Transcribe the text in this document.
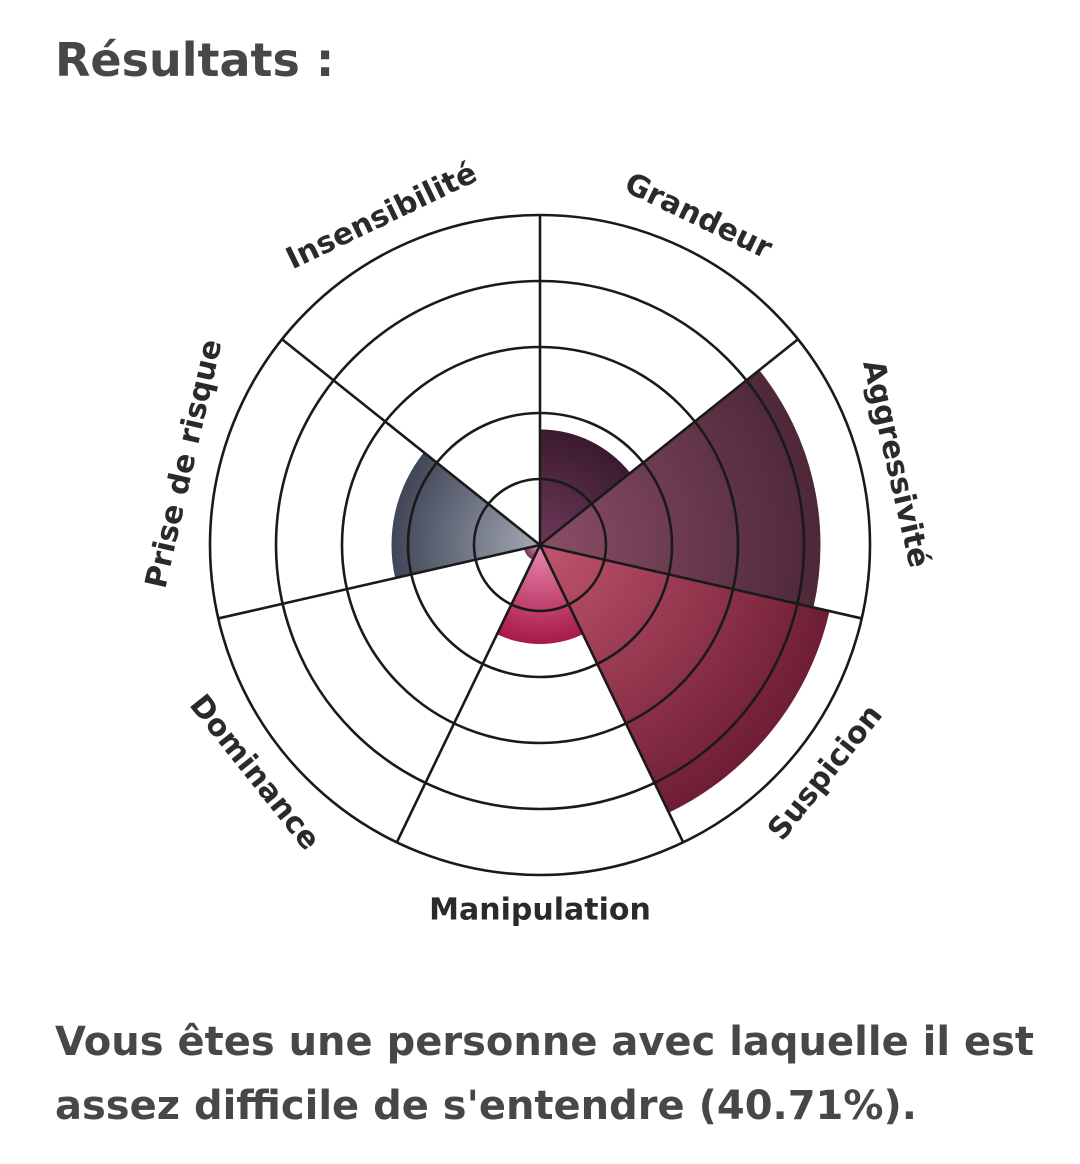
Résultats :
Grandeur
Aggressivité
Suspicion
Manipulation
Dominance
Prise de risque
Insensibilité

Vous êtes une personne avec laquelle il est assez difficile de s'entendre (40.71%).
